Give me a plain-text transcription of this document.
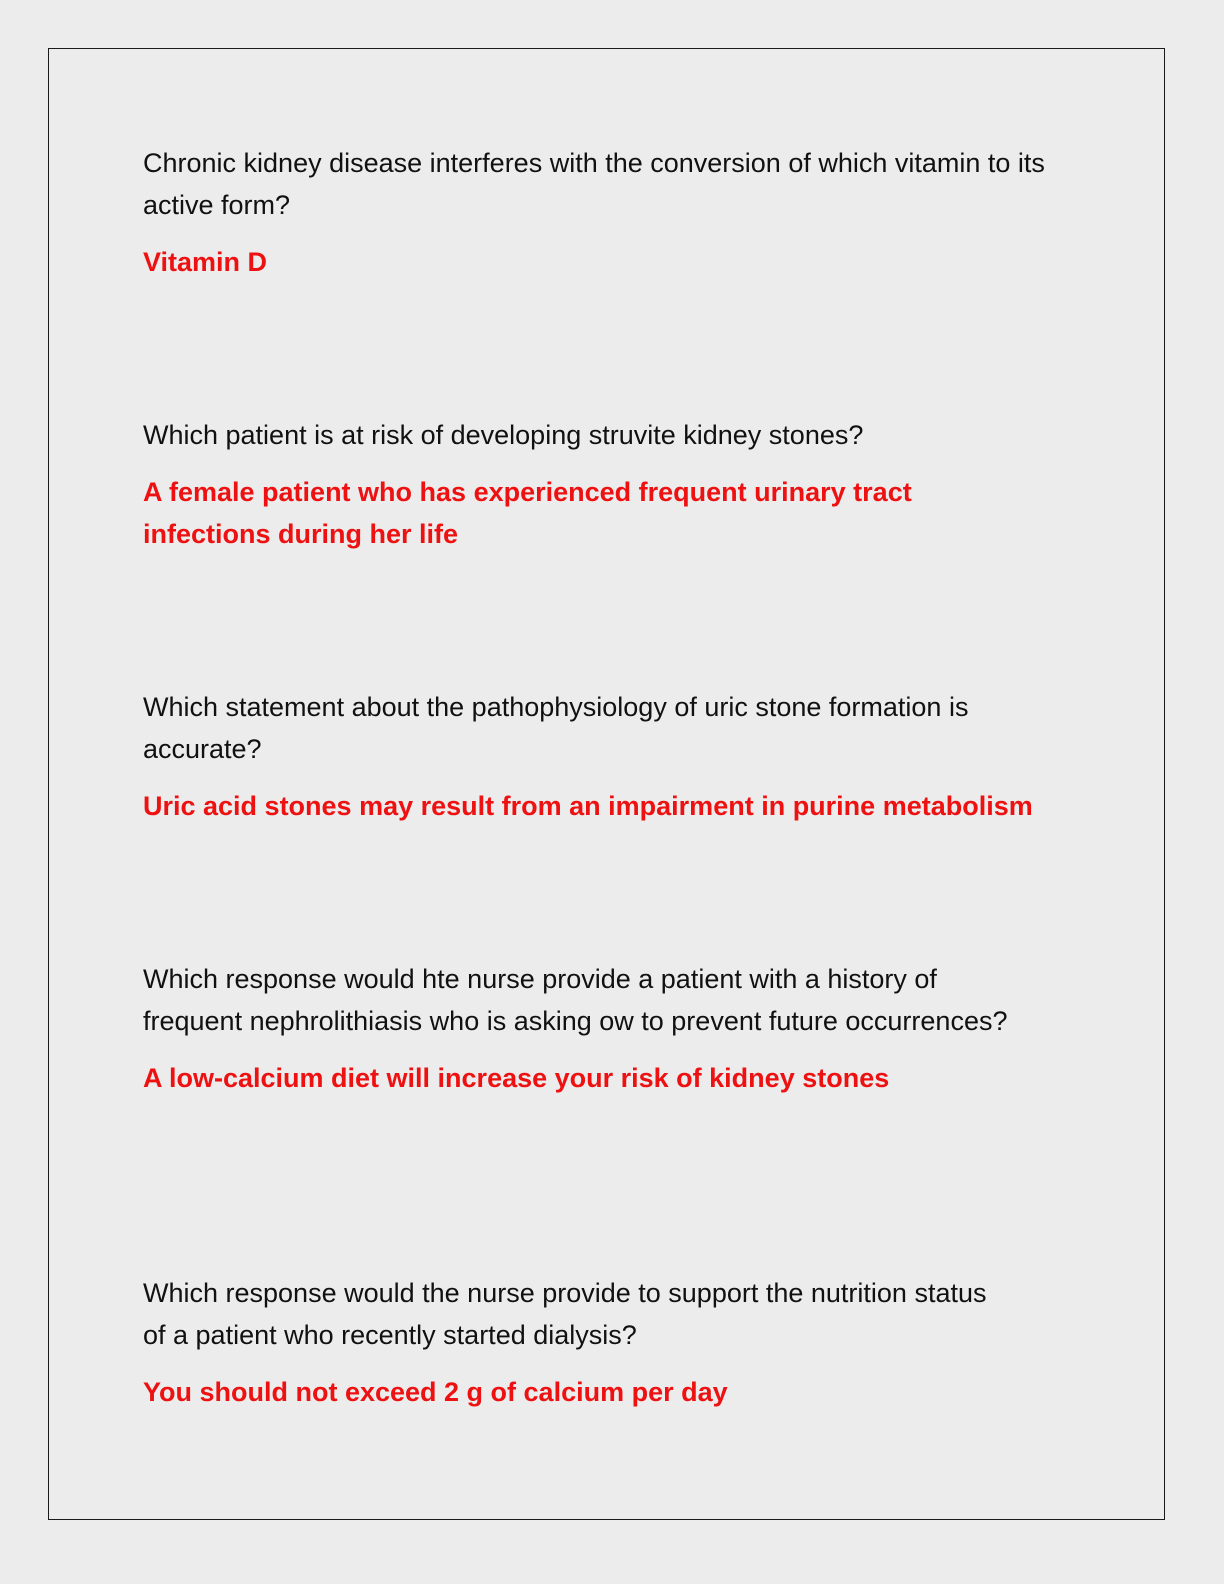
Chronic kidney disease interferes with the conversion of which vitamin to its active form?

Vitamin D

Which patient is at risk of developing struvite kidney stones?

A female patient who has experienced frequent urinary tract infections during her life

Which statement about the pathophysiology of uric stone formation is accurate?

Uric acid stones may result from an impairment in purine metabolism

Which response would hte nurse provide a patient with a history of frequent nephrolithiasis who is asking ow to prevent future occurrences?

A low-calcium diet will increase your risk of kidney stones

Which response would the nurse provide to support the nutrition status of a patient who recently started dialysis?

You should not exceed 2 g of calcium per day
